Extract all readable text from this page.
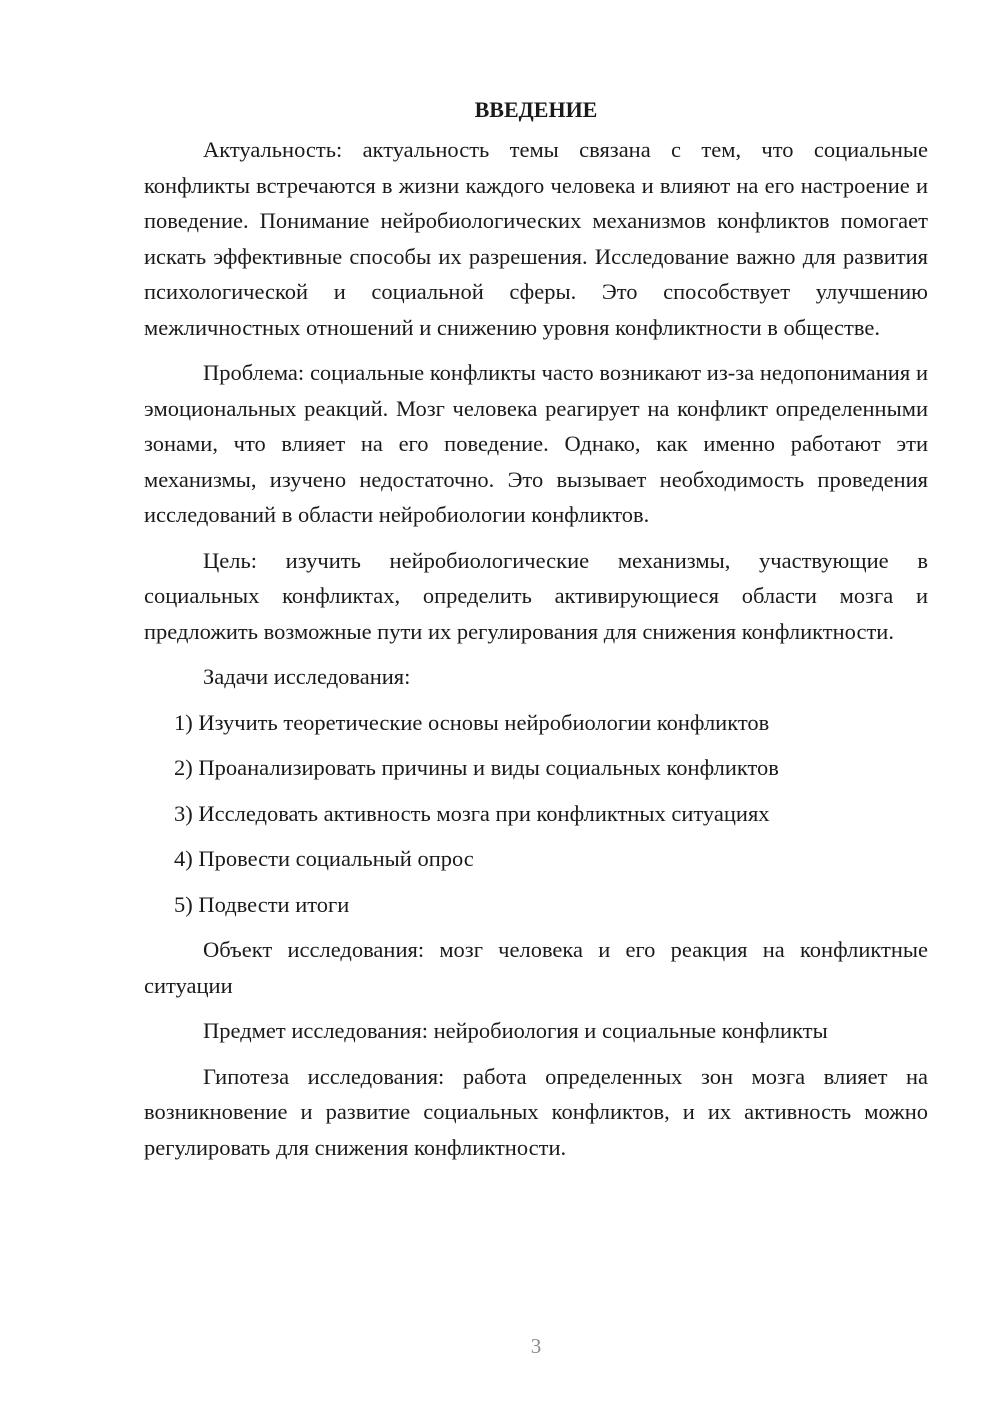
ВВЕДЕНИЕ

Актуальность: актуальность темы связана с тем, что социальные конфликты встречаются в жизни каждого человека и влияют на его настроение и поведение. Понимание нейробиологических механизмов конфликтов помогает искать эффективные способы их разрешения. Исследование важно для развития психологической и социальной сферы. Это способствует улучшению межличностных отношений и снижению уровня конфликтности в обществе.

Проблема: социальные конфликты часто возникают из-за недопонимания и эмоциональных реакций. Мозг человека реагирует на конфликт определенными зонами, что влияет на его поведение. Однако, как именно работают эти механизмы, изучено недостаточно. Это вызывает необходимость проведения исследований в области нейробиологии конфликтов.

Цель: изучить нейробиологические механизмы, участвующие в социальных конфликтах, определить активирующиеся области мозга и предложить возможные пути их регулирования для снижения конфликтности.

Задачи исследования:

1) Изучить теоретические основы нейробиологии конфликтов
2) Проанализировать причины и виды социальных конфликтов
3) Исследовать активность мозга при конфликтных ситуациях
4) Провести социальный опрос
5) Подвести итоги

Объект исследования: мозг человека и его реакция на конфликтные ситуации

Предмет исследования: нейробиология и социальные конфликты

Гипотеза исследования: работа определенных зон мозга влияет на возникновение и развитие социальных конфликтов, и их активность можно регулировать для снижения конфликтности.

3
